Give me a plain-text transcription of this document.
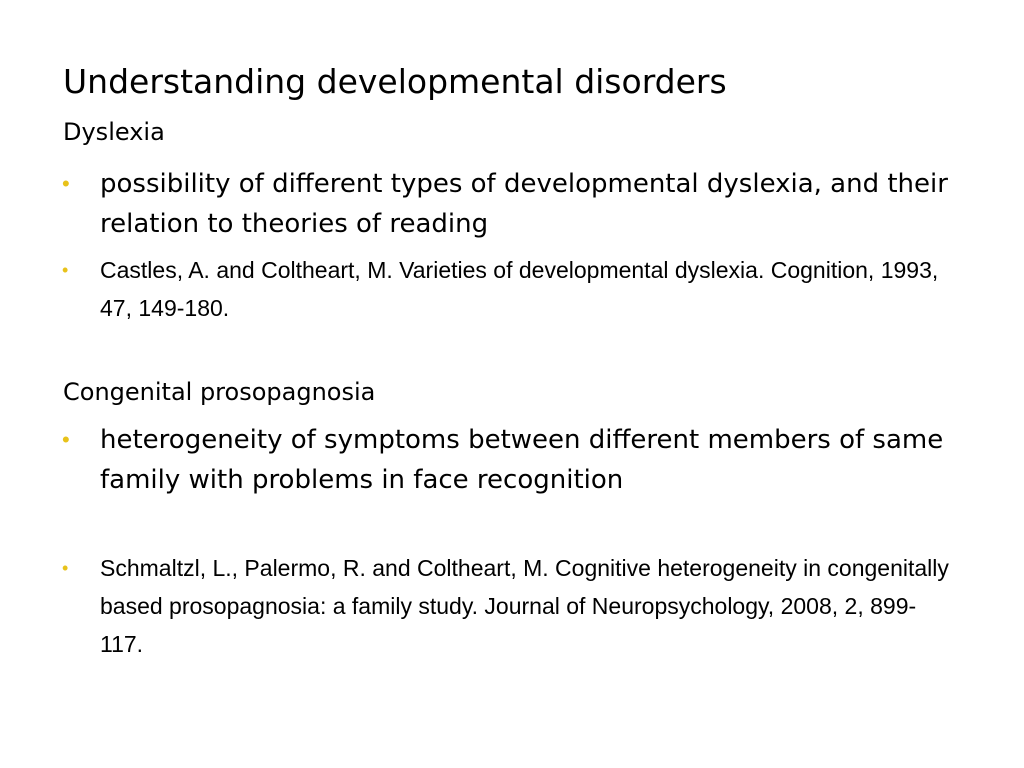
Understanding developmental disorders
Dyslexia
• possibility of different types of developmental dyslexia, and their relation to theories of reading
• Castles, A. and Coltheart, M. Varieties of developmental dyslexia. Cognition, 1993, 47, 149-180.
Congenital prosopagnosia
• heterogeneity of symptoms between different members of same family with problems in face recognition
• Schmaltzl, L., Palermo, R. and Coltheart, M. Cognitive heterogeneity in congenitally based prosopagnosia: a family study. Journal of Neuropsychology, 2008, 2, 899-117.
